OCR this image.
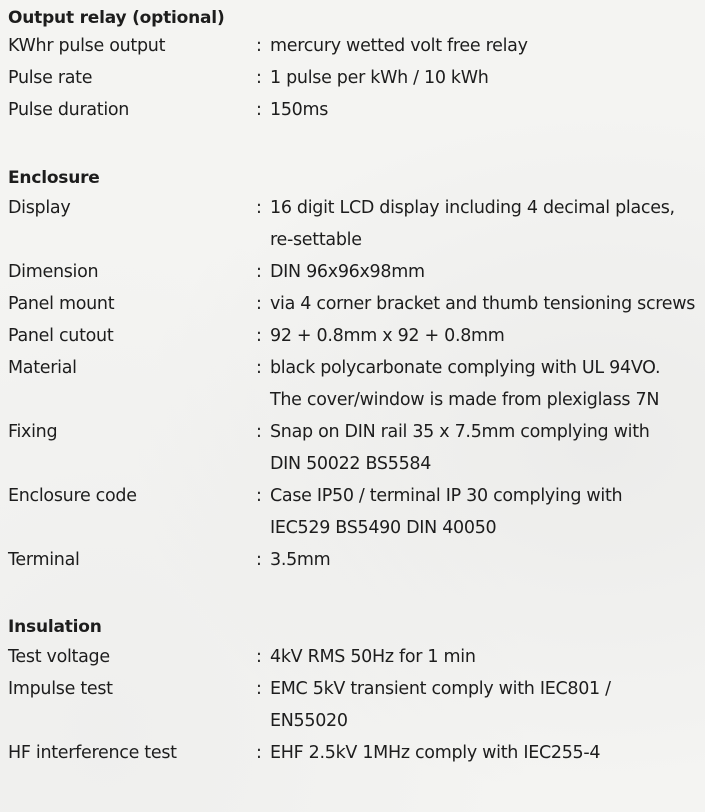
Output relay (optional)
KWhr pulse output	: mercury wetted volt free relay
Pulse rate	: 1 pulse per kWh / 10 kWh
Pulse duration	: 150ms
Enclosure
Display	: 16 digit LCD display including 4 decimal places,
re-settable
Dimension	: DIN 96x96x98mm
Panel mount	: via 4 corner bracket and thumb tensioning screws
Panel cutout	: 92 + 0.8mm x 92 + 0.8mm
Material	: black polycarbonate complying with UL 94VO.
The cover/window is made from plexiglass 7N
Fixing	: Snap on DIN rail 35 x 7.5mm complying with
DIN 50022 BS5584
Enclosure code	: Case IP50 / terminal IP 30 complying with
IEC529 BS5490 DIN 40050
Terminal	: 3.5mm
Insulation
Test voltage	: 4kV RMS 50Hz for 1 min
Impulse test	: EMC 5kV transient comply with IEC801 /
EN55020
HF interference test	: EHF 2.5kV 1MHz comply with IEC255-4
